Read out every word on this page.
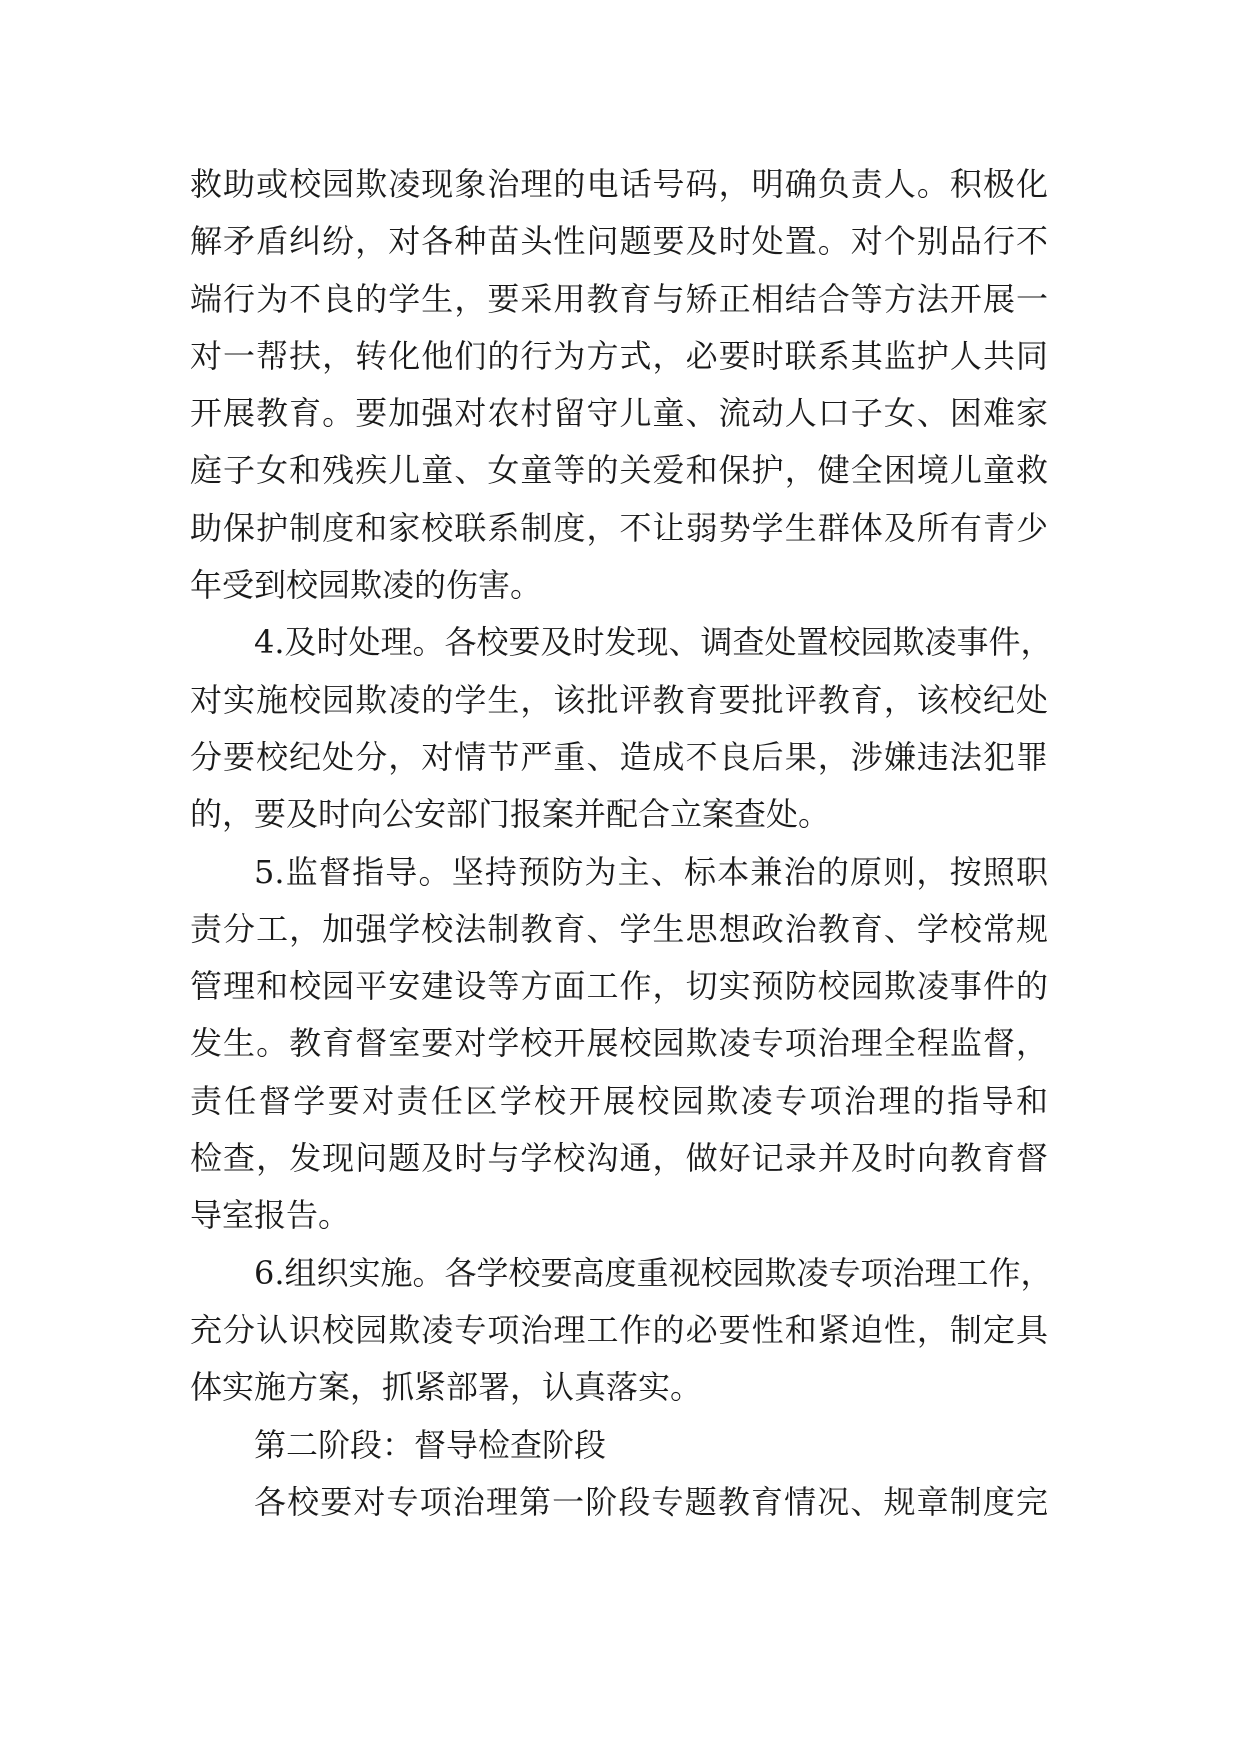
救助或校园欺凌现象治理的电话号码，明确负责人。积极化
解矛盾纠纷，对各种苗头性问题要及时处置。对个别品行不
端行为不良的学生，要采用教育与矫正相结合等方法开展一
对一帮扶，转化他们的行为方式，必要时联系其监护人共同
开展教育。要加强对农村留守儿童、流动人口子女、困难家
庭子女和残疾儿童、女童等的关爱和保护，健全困境儿童救
助保护制度和家校联系制度，不让弱势学生群体及所有青少
年受到校园欺凌的伤害。
4.及时处理。各校要及时发现、调查处置校园欺凌事件，
对实施校园欺凌的学生，该批评教育要批评教育，该校纪处
分要校纪处分，对情节严重、造成不良后果，涉嫌违法犯罪
的，要及时向公安部门报案并配合立案查处。
5.监督指导。坚持预防为主、标本兼治的原则，按照职
责分工，加强学校法制教育、学生思想政治教育、学校常规
管理和校园平安建设等方面工作，切实预防校园欺凌事件的
发生。教育督室要对学校开展校园欺凌专项治理全程监督，
责任督学要对责任区学校开展校园欺凌专项治理的指导和
检查，发现问题及时与学校沟通，做好记录并及时向教育督
导室报告。
6.组织实施。各学校要高度重视校园欺凌专项治理工作，
充分认识校园欺凌专项治理工作的必要性和紧迫性，制定具
体实施方案，抓紧部署，认真落实。
第二阶段：督导检查阶段
各校要对专项治理第一阶段专题教育情况、规章制度完
